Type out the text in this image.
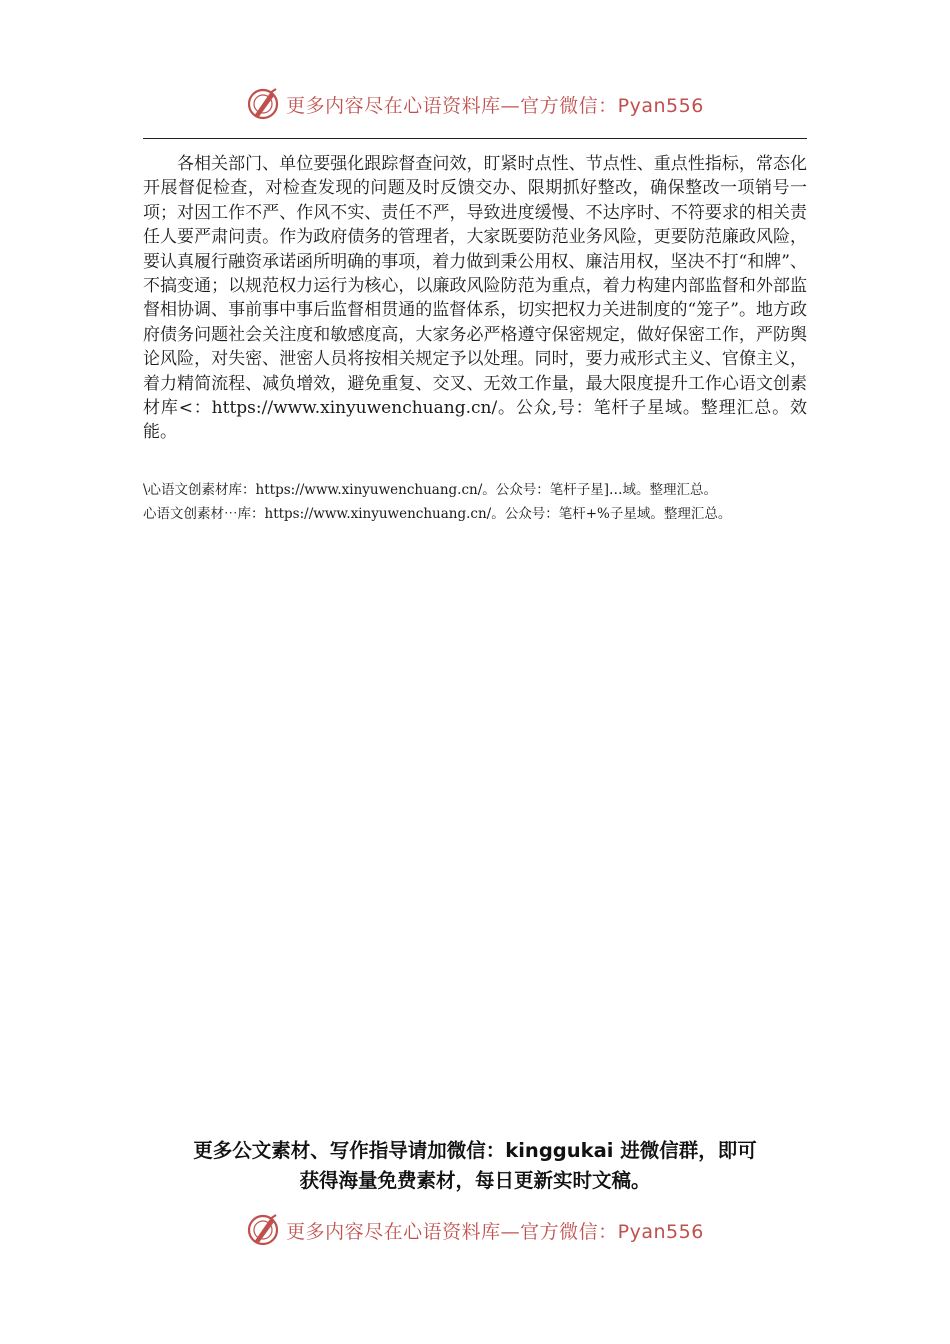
更多内容尽在心语资料库—官方微信：Pyan556

各相关部门、单位要强化跟踪督查问效，盯紧时点性、节点性、重点性指标，常态化开展督促检查，对检查发现的问题及时反馈交办、限期抓好整改，确保整改一项销号一项；对因工作不严、作风不实、责任不严，导致进度缓慢、不达序时、不符要求的相关责任人要严肃问责。作为政府债务的管理者，大家既要防范业务风险，更要防范廉政风险，要认真履行融资承诺函所明确的事项，着力做到秉公用权、廉洁用权，坚决不打“和牌”、不搞变通；以规范权力运行为核心，以廉政风险防范为重点，着力构建内部监督和外部监督相协调、事前事中事后监督相贯通的监督体系，切实把权力关进制度的“笼子”。地方政府债务问题社会关注度和敏感度高，大家务必严格遵守保密规定，做好保密工作，严防舆论风险，对失密、泄密人员将按相关规定予以处理。同时，要力戒形式主义、官僚主义，着力精简流程、减负增效，避免重复、交叉、无效工作量，最大限度提升工作心语文创素材库<：https://www.xinyuwenchuang.cn/。公众,号：笔杆子星域。整理汇总。效能。

\心语文创素材库：https://www.xinyuwenchuang.cn/。公众号：笔杆子星]…域。整理汇总。
心语文创素材⋯库：https://www.xinyuwenchuang.cn/。公众号：笔杆+%子星域。整理汇总。
更多公文素材、写作指导请加微信：kinggukai 进微信群，即可
获得海量免费素材，每日更新实时文稿。
更多内容尽在心语资料库—官方微信：Pyan556
